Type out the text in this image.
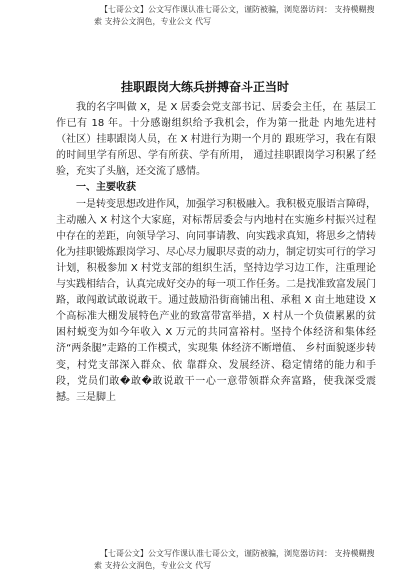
【七哥公文】公文写作课认准七哥公文，谨防被骗，浏览器访问： 支持模糊搜
索 支持公文润色，专业公文 代写
挂职跟岗大练兵拼搏奋斗正当时

我的名字叫做 X，是 X 居委会党支部书记、居委会主任，在 基层工作已有 18 年。十分感谢组织给予我机会，作为第一批赴 内地先进村（社区）挂职跟岗人员，在 X 村进行为期一个月的 跟班学习，我在有限的时间里学有所思、学有所获、学有所用， 通过挂职跟岗学习积累了经验，充实了头脑，还交流了感情。

一、主要收获

一是转变思想改进作风，加强学习积极融入。我积极克服语言障碍，主动融入 X 村这个大家庭，对标帮居委会与内地村在实施乡村振兴过程中存在的差距，向领导学习、向同事请教、向实践求真知，将思乡之情转化为挂职锻炼跟岗学习、尽心尽力履职尽责的动力，制定切实可行的学习计划，积极参加 X 村党支部的组织生活，坚持边学习边工作，注重理论与实践相结合，认真完成好交办的每一项工作任务。二是找准致富发展门路，敢闯敢试敢说敢干。通过鼓励沿街商铺出租、承租 X 亩土地建设 X 个高标准大棚发展特色产业的致富带富举措，X 村从一个负债累累的贫困村蜕变为如今年收入 X 万元的共同富裕村。坚持个体经济和集体经济“两条腿”走路的工作模式，实现集 体经济不断增值、 乡村面貌逐步转变，村党支部深入群众、依 靠群众、发展经济、稳定情绪的能力和手段，党员们敢�敢�敢说敢干一心一意带领群众奔富路，使我深受震撼。三是脚上

【七哥公文】公文写作课认准七哥公文，谨防被骗，浏览器访问： 支持模糊搜
索 支持公文润色，专业公文 代写
